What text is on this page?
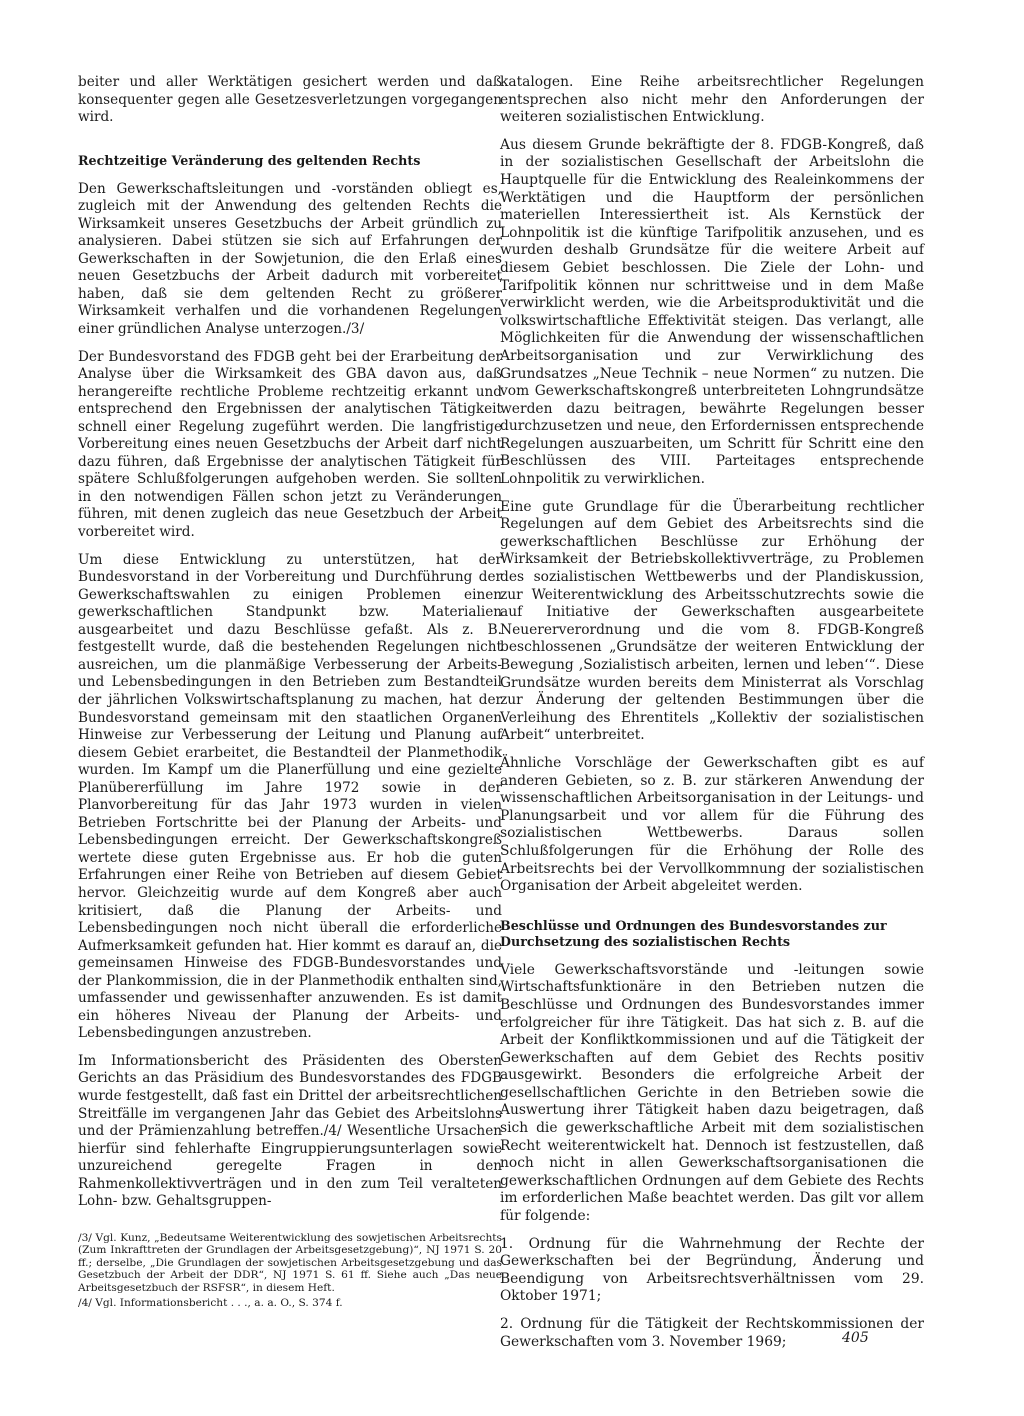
beiter und aller Werktätigen gesichert werden und daß konsequenter gegen alle Gesetzesverletzungen vorgegangen wird.

Rechtzeitige Veränderung des geltenden Rechts

Den Gewerkschaftsleitungen und -vorständen obliegt es, zugleich mit der Anwendung des geltenden Rechts die Wirksamkeit unseres Gesetzbuchs der Arbeit gründlich zu analysieren. Dabei stützen sie sich auf Erfahrungen der Gewerkschaften in der Sowjetunion, die den Erlaß eines neuen Gesetzbuchs der Arbeit dadurch mit vorbereitet haben, daß sie dem geltenden Recht zu größerer Wirksamkeit verhalfen und die vorhandenen Regelungen einer gründlichen Analyse unterzogen./3/

Der Bundesvorstand des FDGB geht bei der Erarbeitung der Analyse über die Wirksamkeit des GBA davon aus, daß herangereifte rechtliche Probleme rechtzeitig erkannt und entsprechend den Ergebnissen der analytischen Tätigkeit schnell einer Regelung zugeführt werden. Die langfristige Vorbereitung eines neuen Gesetzbuchs der Arbeit darf nicht dazu führen, daß Ergebnisse der analytischen Tätigkeit für spätere Schlußfolgerungen aufgehoben werden. Sie sollten in den notwendigen Fällen schon jetzt zu Veränderungen führen, mit denen zugleich das neue Gesetzbuch der Arbeit vorbereitet wird.

Um diese Entwicklung zu unterstützen, hat der Bundesvorstand in der Vorbereitung und Durchführung der Gewerkschaftswahlen zu einigen Problemen einen gewerkschaftlichen Standpunkt bzw. Materialien ausgearbeitet und dazu Beschlüsse gefaßt. Als z. B. festgestellt wurde, daß die bestehenden Regelungen nicht ausreichen, um die planmäßige Verbesserung der Arbeits- und Lebensbedingungen in den Betrieben zum Bestandteil der jährlichen Volkswirtschaftsplanung zu machen, hat der Bundesvorstand gemeinsam mit den staatlichen Organen Hinweise zur Verbesserung der Leitung und Planung auf diesem Gebiet erarbeitet, die Bestandteil der Planmethodik wurden. Im Kampf um die Planerfüllung und eine gezielte Planübererfüllung im Jahre 1972 sowie in der Planvorbereitung für das Jahr 1973 wurden in vielen Betrieben Fortschritte bei der Planung der Arbeits- und Lebensbedingungen erreicht. Der Gewerkschaftskongreß wertete diese guten Ergebnisse aus. Er hob die guten Erfahrungen einer Reihe von Betrieben auf diesem Gebiet hervor. Gleichzeitig wurde auf dem Kongreß aber auch kritisiert, daß die Planung der Arbeits- und Lebensbedingungen noch nicht überall die erforderliche Aufmerksamkeit gefunden hat. Hier kommt es darauf an, die gemeinsamen Hinweise des FDGB-Bundesvorstandes und der Plankommission, die in der Planmethodik enthalten sind, umfassender und gewissenhafter anzuwenden. Es ist damit ein höheres Niveau der Planung der Arbeits- und Lebensbedingungen anzustreben.

Im Informationsbericht des Präsidenten des Obersten Gerichts an das Präsidium des Bundesvorstandes des FDGB wurde festgestellt, daß fast ein Drittel der arbeitsrechtlichen Streitfälle im vergangenen Jahr das Gebiet des Arbeitslohns und der Prämienzahlung betreffen./4/ Wesentliche Ursachen hierfür sind fehlerhafte Eingruppierungsunterlagen sowie unzureichend geregelte Fragen in den Rahmenkollektivverträgen und in den zum Teil veralteten Lohn- bzw. Gehaltsgruppen-

katalogen. Eine Reihe arbeitsrechtlicher Regelungen entsprechen also nicht mehr den Anforderungen der weiteren sozialistischen Entwicklung.

Aus diesem Grunde bekräftigte der 8. FDGB-Kongreß, daß in der sozialistischen Gesellschaft der Arbeitslohn die Hauptquelle für die Entwicklung des Realeinkommens der Werktätigen und die Hauptform der persönlichen materiellen Interessiertheit ist. Als Kernstück der Lohnpolitik ist die künftige Tarifpolitik anzusehen, und es wurden deshalb Grundsätze für die weitere Arbeit auf diesem Gebiet beschlossen. Die Ziele der Lohn- und Tarifpolitik können nur schrittweise und in dem Maße verwirklicht werden, wie die Arbeitsproduktivität und die volkswirtschaftliche Effektivität steigen. Das verlangt, alle Möglichkeiten für die Anwendung der wissenschaftlichen Arbeitsorganisation und zur Verwirklichung des Grundsatzes „Neue Technik – neue Normen“ zu nutzen. Die vom Gewerkschaftskongreß unterbreiteten Lohngrundsätze werden dazu beitragen, bewährte Regelungen besser durchzusetzen und neue, den Erfordernissen entsprechende Regelungen auszuarbeiten, um Schritt für Schritt eine den Beschlüssen des VIII. Parteitages entsprechende Lohnpolitik zu verwirklichen.

Eine gute Grundlage für die Überarbeitung rechtlicher Regelungen auf dem Gebiet des Arbeitsrechts sind die gewerkschaftlichen Beschlüsse zur Erhöhung der Wirksamkeit der Betriebskollektivverträge, zu Problemen des sozialistischen Wettbewerbs und der Plandiskussion, zur Weiterentwicklung des Arbeitsschutzrechts sowie die auf Initiative der Gewerkschaften ausgearbeitete Neuererverordnung und die vom 8. FDGB-Kongreß beschlossenen „Grundsätze der weiteren Entwicklung der Bewegung ‚Sozialistisch arbeiten, lernen und leben‘“. Diese Grundsätze wurden bereits dem Ministerrat als Vorschlag zur Änderung der geltenden Bestimmungen über die Verleihung des Ehrentitels „Kollektiv der sozialistischen Arbeit“ unterbreitet.

Ähnliche Vorschläge der Gewerkschaften gibt es auf anderen Gebieten, so z. B. zur stärkeren Anwendung der wissenschaftlichen Arbeitsorganisation in der Leitungs- und Planungsarbeit und vor allem für die Führung des sozialistischen Wettbewerbs. Daraus sollen Schlußfolgerungen für die Erhöhung der Rolle des Arbeitsrechts bei der Vervollkommnung der sozialistischen Organisation der Arbeit abgeleitet werden.

Beschlüsse und Ordnungen des Bundesvorstandes zur Durchsetzung des sozialistischen Rechts

Viele Gewerkschaftsvorstände und -leitungen sowie Wirtschaftsfunktionäre in den Betrieben nutzen die Beschlüsse und Ordnungen des Bundesvorstandes immer erfolgreicher für ihre Tätigkeit. Das hat sich z. B. auf die Arbeit der Konfliktkommissionen und auf die Tätigkeit der Gewerkschaften auf dem Gebiet des Rechts positiv ausgewirkt. Besonders die erfolgreiche Arbeit der gesellschaftlichen Gerichte in den Betrieben sowie die Auswertung ihrer Tätigkeit haben dazu beigetragen, daß sich die gewerkschaftliche Arbeit mit dem sozialistischen Recht weiterentwickelt hat. Dennoch ist festzustellen, daß noch nicht in allen Gewerkschaftsorganisationen die gewerkschaftlichen Ordnungen auf dem Gebiete des Rechts im erforderlichen Maße beachtet werden. Das gilt vor allem für folgende:

1. Ordnung für die Wahrnehmung der Rechte der Gewerkschaften bei der Begründung, Änderung und Beendigung von Arbeitsrechtsverhältnissen vom 29. Oktober 1971;

2. Ordnung für die Tätigkeit der Rechtskommissionen der Gewerkschaften vom 3. November 1969;

/3/ Vgl. Kunz, „Bedeutsame Weiterentwicklung des sowjetischen Arbeitsrechts (Zum Inkrafttreten der Grundlagen der Arbeitsgesetzgebung)“, NJ 1971 S. 20 ff.; derselbe, „Die Grundlagen der sowjetischen Arbeitsgesetzgebung und das Gesetzbuch der Arbeit der DDR“, NJ 1971 S. 61 ff. Siehe auch „Das neue Arbeitsgesetzbuch der RSFSR“, in diesem Heft.

/4/ Vgl. Informationsbericht . . ., a. a. O., S. 374 f.

405
